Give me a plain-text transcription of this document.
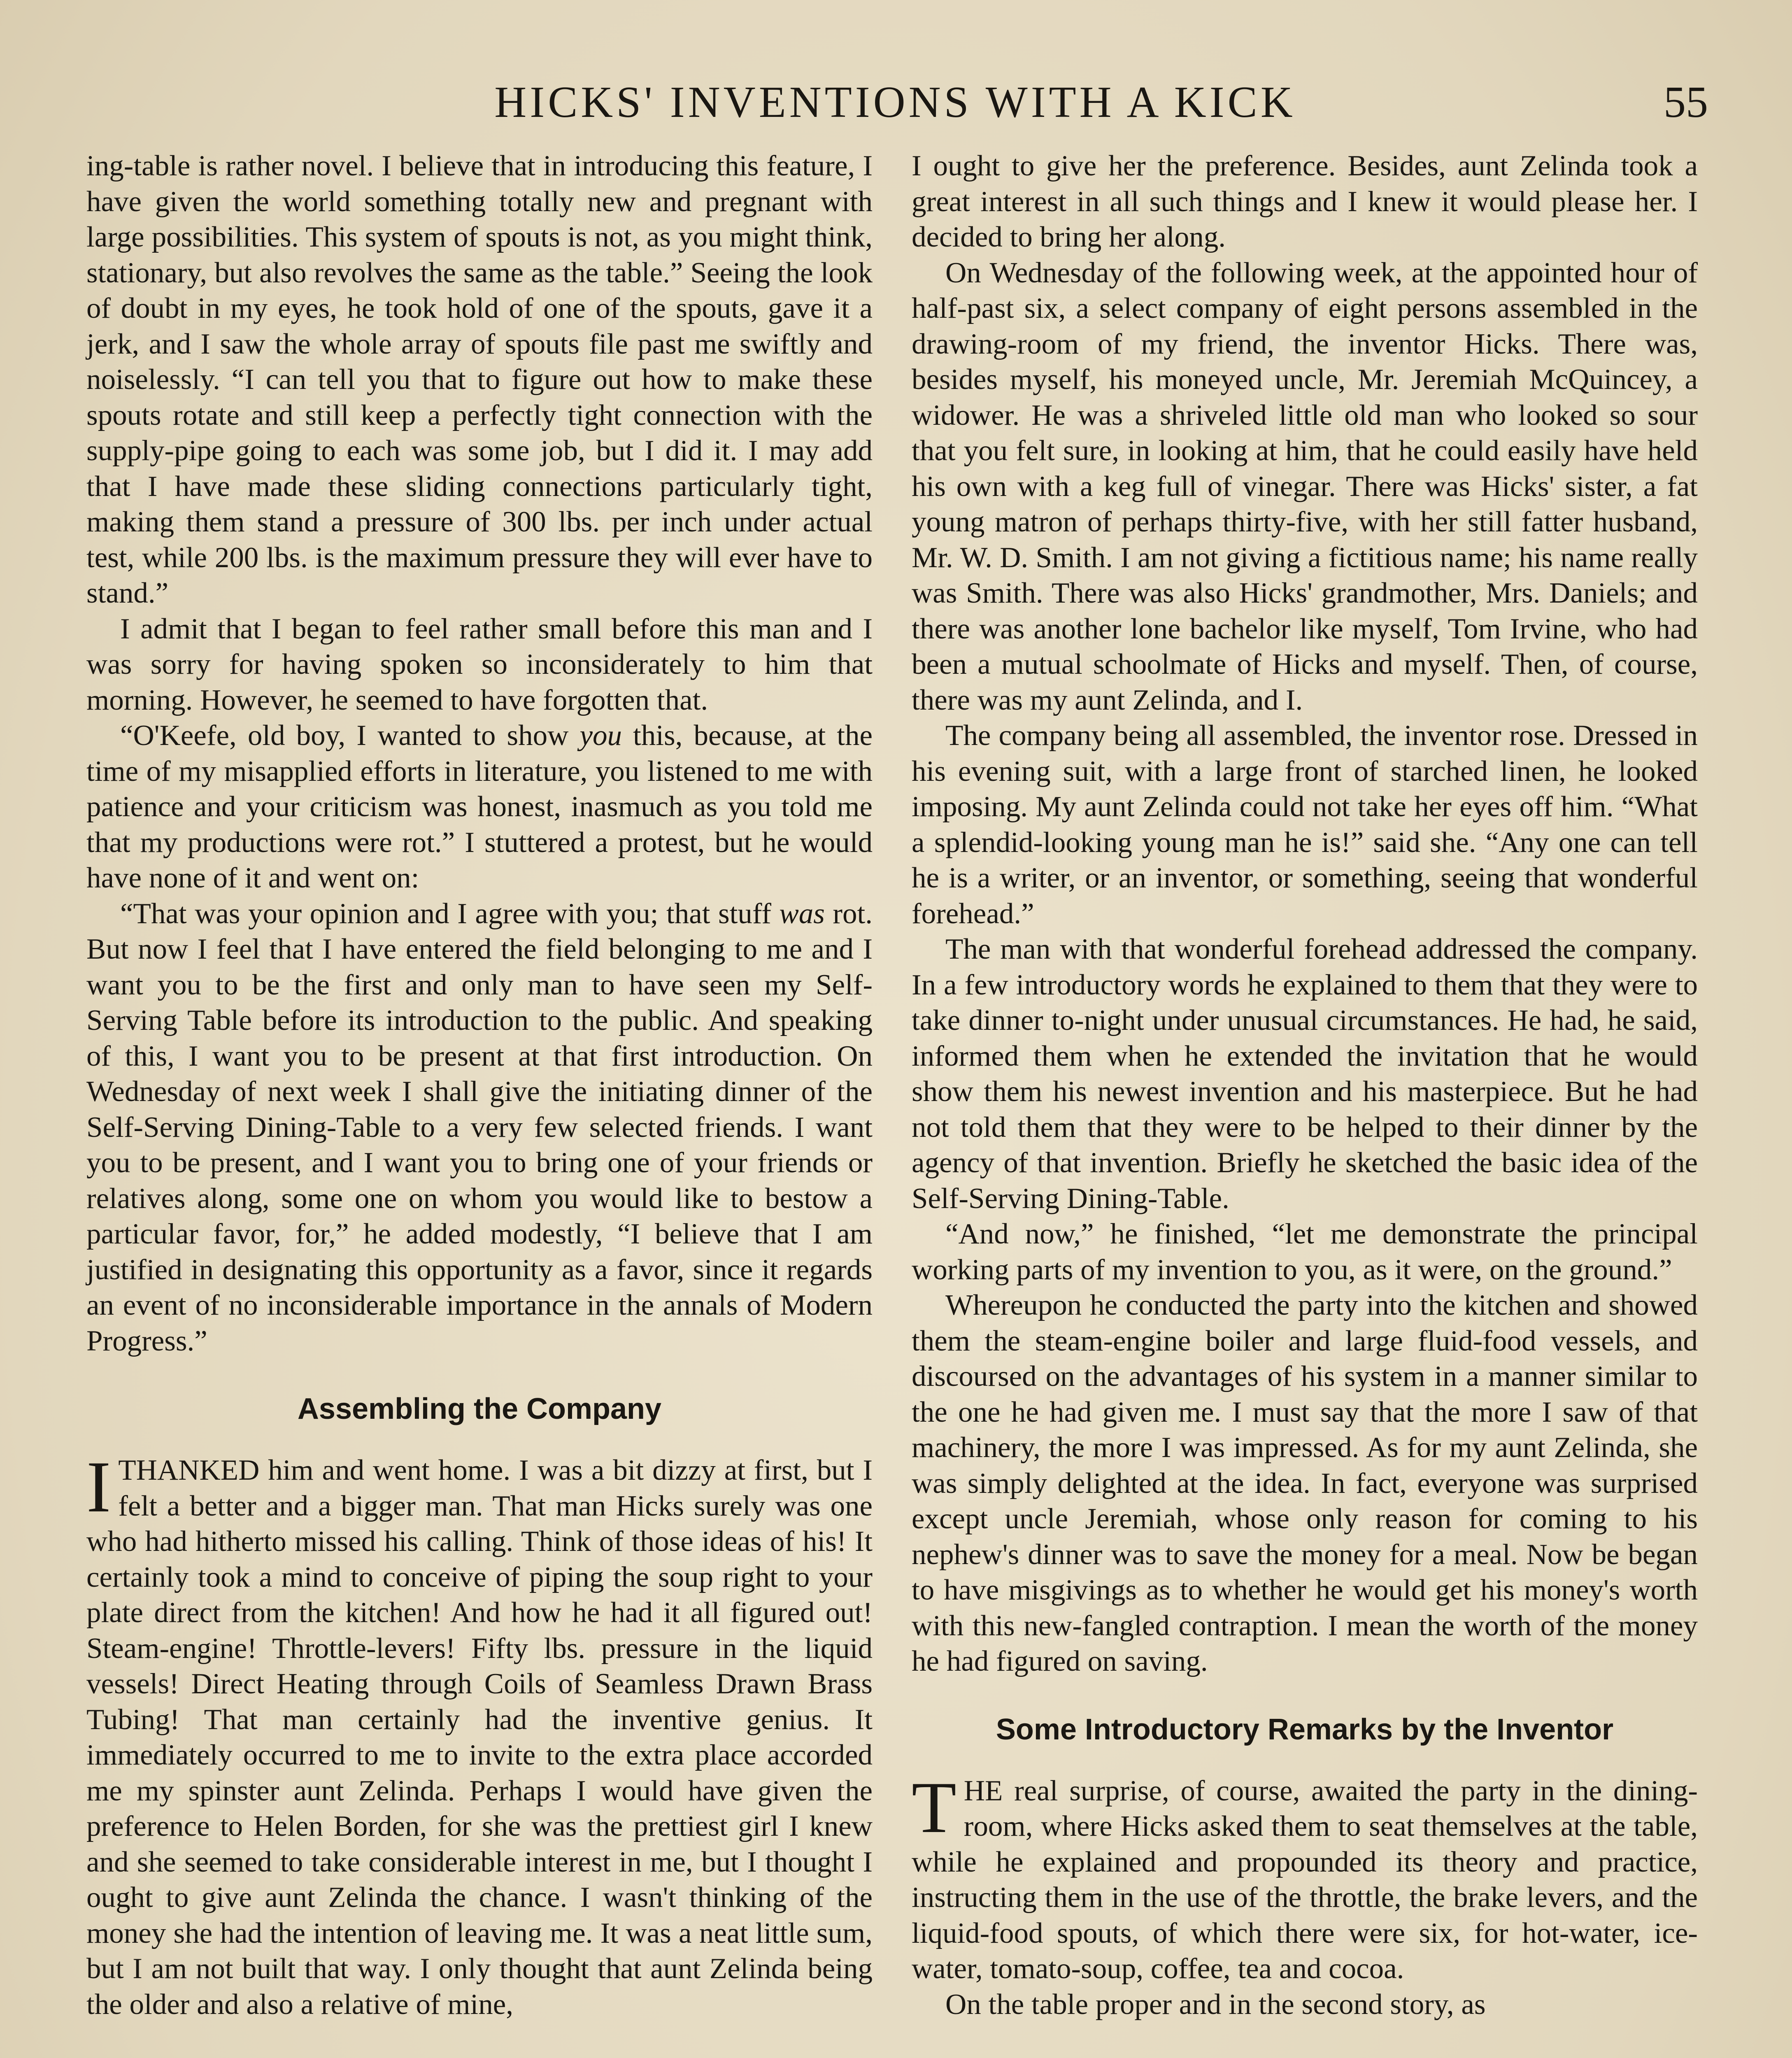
HICKS' INVENTIONS WITH A KICK	55

ing-table is rather novel. I believe that in introducing this feature, I have given the world something totally new and pregnant with large possibilities. This system of spouts is not, as you might think, stationary, but also revolves the same as the table.” Seeing the look of doubt in my eyes, he took hold of one of the spouts, gave it a jerk, and I saw the whole array of spouts file past me swiftly and noiselessly. “I can tell you that to figure out how to make these spouts rotate and still keep a perfectly tight connection with the supply-pipe going to each was some job, but I did it. I may add that I have made these sliding connections particularly tight, making them stand a pressure of 300 lbs. per inch under actual test, while 200 lbs. is the maximum pressure they will ever have to stand.”

I admit that I began to feel rather small before this man and I was sorry for having spoken so inconsiderately to him that morning. However, he seemed to have forgotten that.

“O'Keefe, old boy, I wanted to show you this, because, at the time of my misapplied efforts in literature, you listened to me with patience and your criticism was honest, inasmuch as you told me that my productions were rot.” I stuttered a protest, but he would have none of it and went on:

“That was your opinion and I agree with you; that stuff was rot. But now I feel that I have entered the field belonging to me and I want you to be the first and only man to have seen my Self-Serving Table before its introduction to the public. And speaking of this, I want you to be present at that first introduction. On Wednesday of next week I shall give the initiating dinner of the Self-Serving Dining-Table to a very few selected friends. I want you to be present, and I want you to bring one of your friends or relatives along, some one on whom you would like to bestow a particular favor, for,” he added modestly, “I believe that I am justified in designating this opportunity as a favor, since it regards an event of no inconsiderable importance in the annals of Modern Progress.”

Assembling the Company

ITHANKED him and went home. I was a bit dizzy at first, but I felt a better and a bigger man. That man Hicks surely was one who had hitherto missed his calling. Think of those ideas of his! It certainly took a mind to conceive of piping the soup right to your plate direct from the kitchen! And how he had it all figured out! Steam-engine! Throttle-levers! Fifty lbs. pressure in the liquid vessels! Direct Heating through Coils of Seamless Drawn Brass Tubing! That man certainly had the inventive genius. It immediately occurred to me to invite to the extra place accorded me my spinster aunt Zelinda. Perhaps I would have given the preference to Helen Borden, for she was the prettiest girl I knew and she seemed to take considerable interest in me, but I thought I ought to give aunt Zelinda the chance. I wasn't thinking of the money she had the intention of leaving me. It was a neat little sum, but I am not built that way. I only thought that aunt Zelinda being the older and also a relative of mine,

I ought to give her the preference. Besides, aunt Zelinda took a great interest in all such things and I knew it would please her. I decided to bring her along.

On Wednesday of the following week, at the appointed hour of half-past six, a select company of eight persons assembled in the drawing-room of my friend, the inventor Hicks. There was, besides myself, his moneyed uncle, Mr. Jeremiah McQuincey, a widower. He was a shriveled little old man who looked so sour that you felt sure, in looking at him, that he could easily have held his own with a keg full of vinegar. There was Hicks' sister, a fat young matron of perhaps thirty-five, with her still fatter husband, Mr. W. D. Smith. I am not giving a fictitious name; his name really was Smith. There was also Hicks' grandmother, Mrs. Daniels; and there was another lone bachelor like myself, Tom Irvine, who had been a mutual schoolmate of Hicks and myself. Then, of course, there was my aunt Zelinda, and I.

The company being all assembled, the inventor rose. Dressed in his evening suit, with a large front of starched linen, he looked imposing. My aunt Zelinda could not take her eyes off him. “What a splendid-looking young man he is!” said she. “Any one can tell he is a writer, or an inventor, or something, seeing that wonderful forehead.”

The man with that wonderful forehead addressed the company. In a few introductory words he explained to them that they were to take dinner to-night under unusual circumstances. He had, he said, informed them when he extended the invitation that he would show them his newest invention and his masterpiece. But he had not told them that they were to be helped to their dinner by the agency of that invention. Briefly he sketched the basic idea of the Self-Serving Dining-Table.

“And now,” he finished, “let me demonstrate the principal working parts of my invention to you, as it were, on the ground.”

Whereupon he conducted the party into the kitchen and showed them the steam-engine boiler and large fluid-food vessels, and discoursed on the advantages of his system in a manner similar to the one he had given me. I must say that the more I saw of that machinery, the more I was impressed. As for my aunt Zelinda, she was simply delighted at the idea. In fact, everyone was surprised except uncle Jeremiah, whose only reason for coming to his nephew's dinner was to save the money for a meal. Now be began to have misgivings as to whether he would get his money's worth with this new-fangled contraption. I mean the worth of the money he had figured on saving.

Some Introductory Remarks by the Inventor

THE real surprise, of course, awaited the party in the dining-room, where Hicks asked them to seat themselves at the table, while he explained and propounded its theory and practice, instructing them in the use of the throttle, the brake levers, and the liquid-food spouts, of which there were six, for hot-water, ice-water, tomato-soup, coffee, tea and cocoa.

On the table proper and in the second story, as
